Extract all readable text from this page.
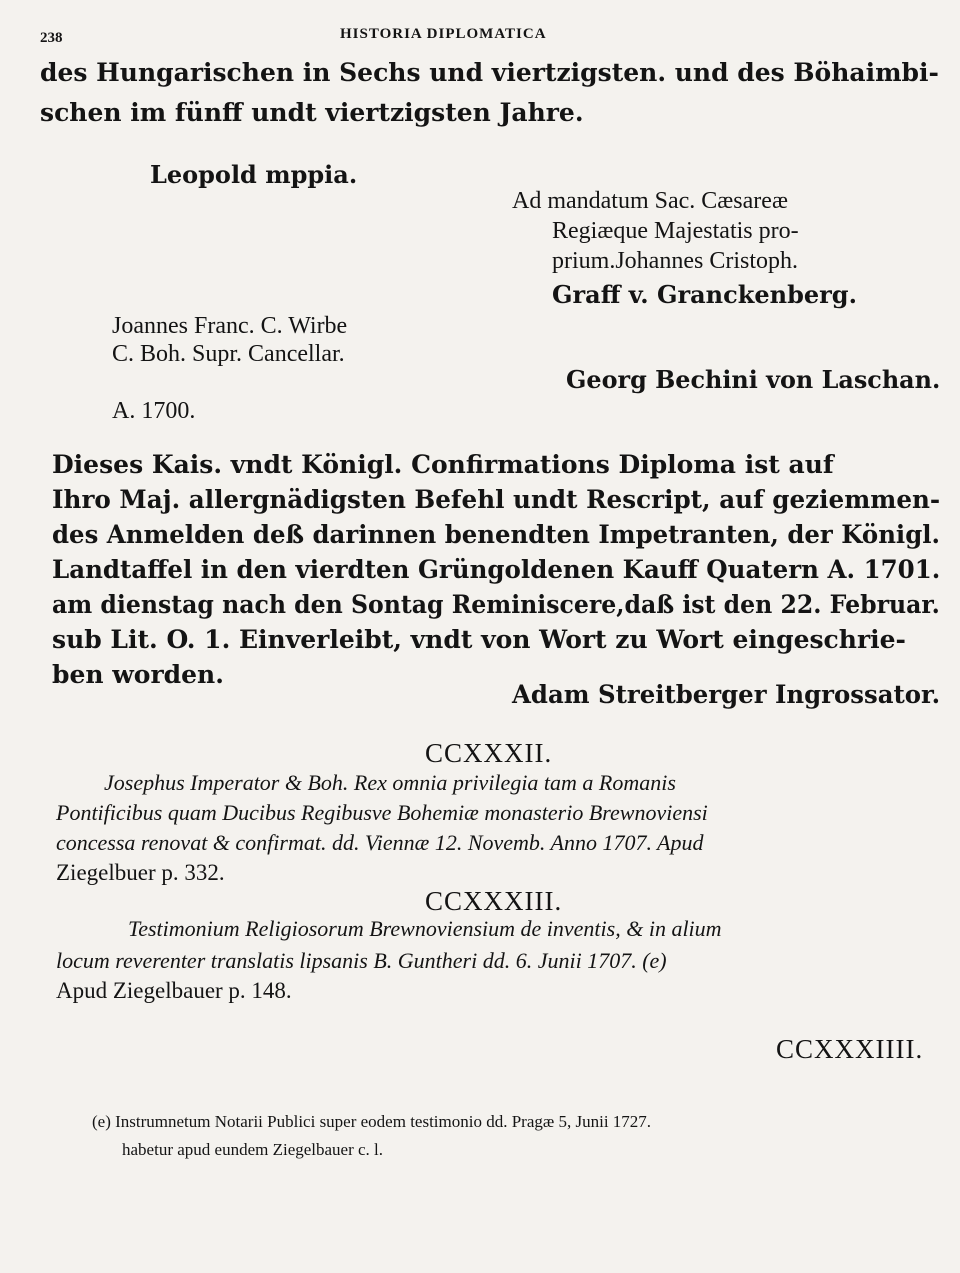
238	HISTORIA DIPLOMATICA
des Hungarischen in Sechs und viertzigsten. und des Böhaimbi-
schen im fünff undt viertzigsten Jahre.
Leopold mppia.
Ad mandatum Sac. Cæsareæ
Regiæque Majestatis pro-
prium.Johannes Cristoph.
Graff v. Granckenberg.
Joannes Franc. C. Wirbe
C. Boh. Supr. Cancellar.
Georg Bechini von Laschan.
A. 1700.
Dieses Kais. vndt Königl. Confirmations Diploma ist auf
Ihro Maj. allergnädigsten Befehl undt Rescript, auf geziemmen-
des Anmelden deß darinnen benendten Impetranten, der Königl.
Landtaffel in den vierdten Grüngoldenen Kauff Quatern A. 1701.
am dienstag nach den Sontag Reminiscere,daß ist den 22. Februar.
sub Lit. O. 1. Einverleibt, vndt von Wort zu Wort eingeschrie-
ben worden.
Adam Streitberger Ingrossator.
CCXXXII.
Josephus Imperator & Boh. Rex omnia privilegia tam a Romanis
Pontificibus quam Ducibus Regibusve Bohemiæ monasterio Brewnoviensi
concessa renovat & confirmat. dd. Viennæ 12. Novemb. Anno 1707. Apud
Ziegelbuer p. 332.
CCXXXIII.
Testimonium Religiosorum Brewnoviensium de inventis, & in alium
locum reverenter translatis lipsanis B. Guntheri dd. 6. Junii 1707. (e)
Apud Ziegelbauer p. 148.
CCXXXIIII.
(e) Instrumnetum Notarii Publici super eodem testimonio dd. Pragæ 5, Junii 1727.
habetur apud eundem Ziegelbauer c. l.
